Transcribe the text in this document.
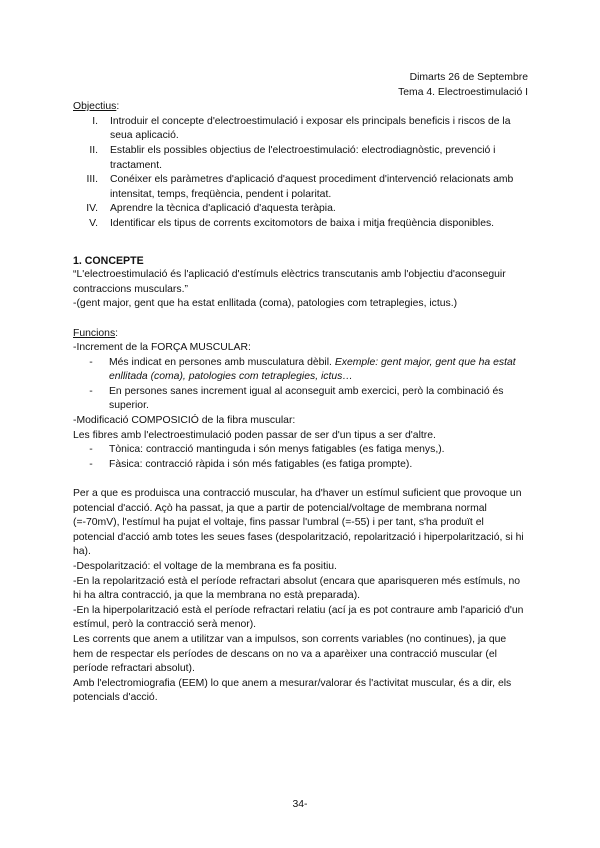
Dimarts 26 de Septembre
Tema 4. Electroestimulació I
Objectius:
I.	Introduir el concepte d'electroestimulació i exposar els principals beneficis i riscos de la seua aplicació.
II.	Establir els possibles objectius de l'electroestimulació: electrodiagnòstic, prevenció i tractament.
III.	Conéixer els paràmetres d'aplicació d'aquest procediment d'intervenció relacionats amb intensitat, temps, freqüència, pendent i polaritat.
IV.	Aprendre la tècnica d'aplicació d'aquesta teràpia.
V.	Identificar els tipus de corrents excitomotors de baixa i mitja freqüència disponibles.
1. CONCEPTE
“L'electroestimulació és l'aplicació d'estímuls elèctrics transcutanis amb l'objectiu d'aconseguir contraccions musculars.”
-(gent major, gent que ha estat enllitada (coma), patologies com tetraplegies, ictus.)
Funcions:
-Increment de la FORÇA MUSCULAR:
-	Més indicat en persones amb musculatura dèbil. Exemple: gent major, gent que ha estat enllitada (coma), patologies com tetraplegies, ictus…
-	En persones sanes increment igual al aconseguit amb exercici, però la combinació és superior.
-Modificació COMPOSICIÓ de la fibra muscular:
Les fibres amb l'electroestimulació poden passar de ser d'un tipus a ser d'altre.
-	Tònica: contracció mantinguda i són menys fatigables (es fatiga menys,).
-	Fàsica: contracció ràpida i són més fatigables (es fatiga prompte).
Per a que es produisca una contracció muscular, ha d'haver un estímul suficient que provoque un potencial d'acció. Açò ha passat, ja que a partir de potencial/voltage de membrana normal (=-70mV), l'estímul ha pujat el voltaje, fins passar l'umbral (=-55) i per tant, s'ha produït el potencial d'acció amb totes les seues fases (despolarització, repolarització i hiperpolarització, si hi ha).
-Despolarització: el voltage de la membrana es fa positiu.
-En la repolarització està el període refractari absolut (encara que aparisqueren més estímuls, no hi ha altra contracció, ja que la membrana no està preparada).
-En la hiperpolarització està el període refractari relatiu (ací ja es pot contraure amb l'aparició d'un estímul, però la contracció serà menor).
Les corrents que anem a utilitzar van a impulsos, son corrents variables (no continues), ja que hem de respectar els períodes de descans on no va a aparèixer una contracció muscular (el període refractari absolut).
Amb l'electromiografia (EEM) lo que anem a mesurar/valorar és l'activitat muscular, és a dir, els potencials d'acció.
34-
